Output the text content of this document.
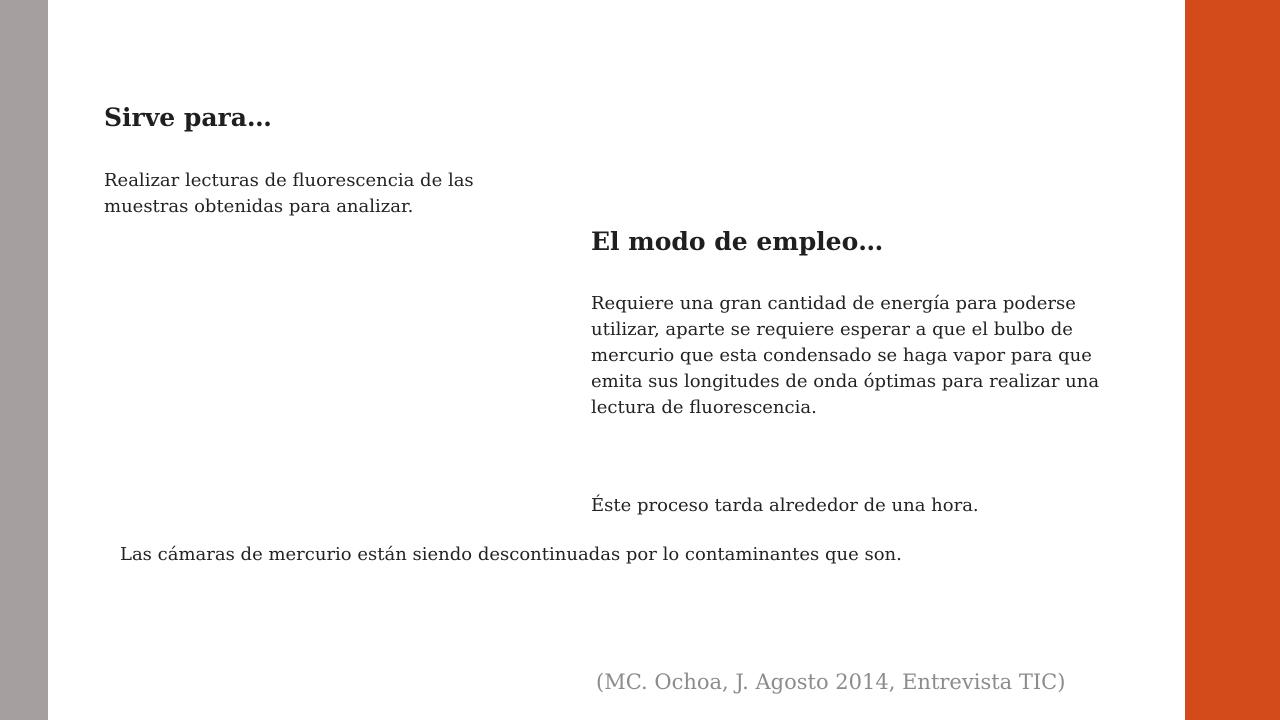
Sirve para…
Realizar lecturas de fluorescencia de las muestras obtenidas para analizar.
El modo de empleo…
Requiere una gran cantidad de energía para poderse utilizar, aparte se requiere esperar a que el bulbo de mercurio que esta condensado se haga vapor para que emita sus longitudes de onda óptimas para realizar una lectura de fluorescencia.
Éste proceso tarda alrededor de una hora.
Las cámaras de mercurio están siendo descontinuadas por lo contaminantes que son.
(MC. Ochoa, J. Agosto 2014, Entrevista TIC)
